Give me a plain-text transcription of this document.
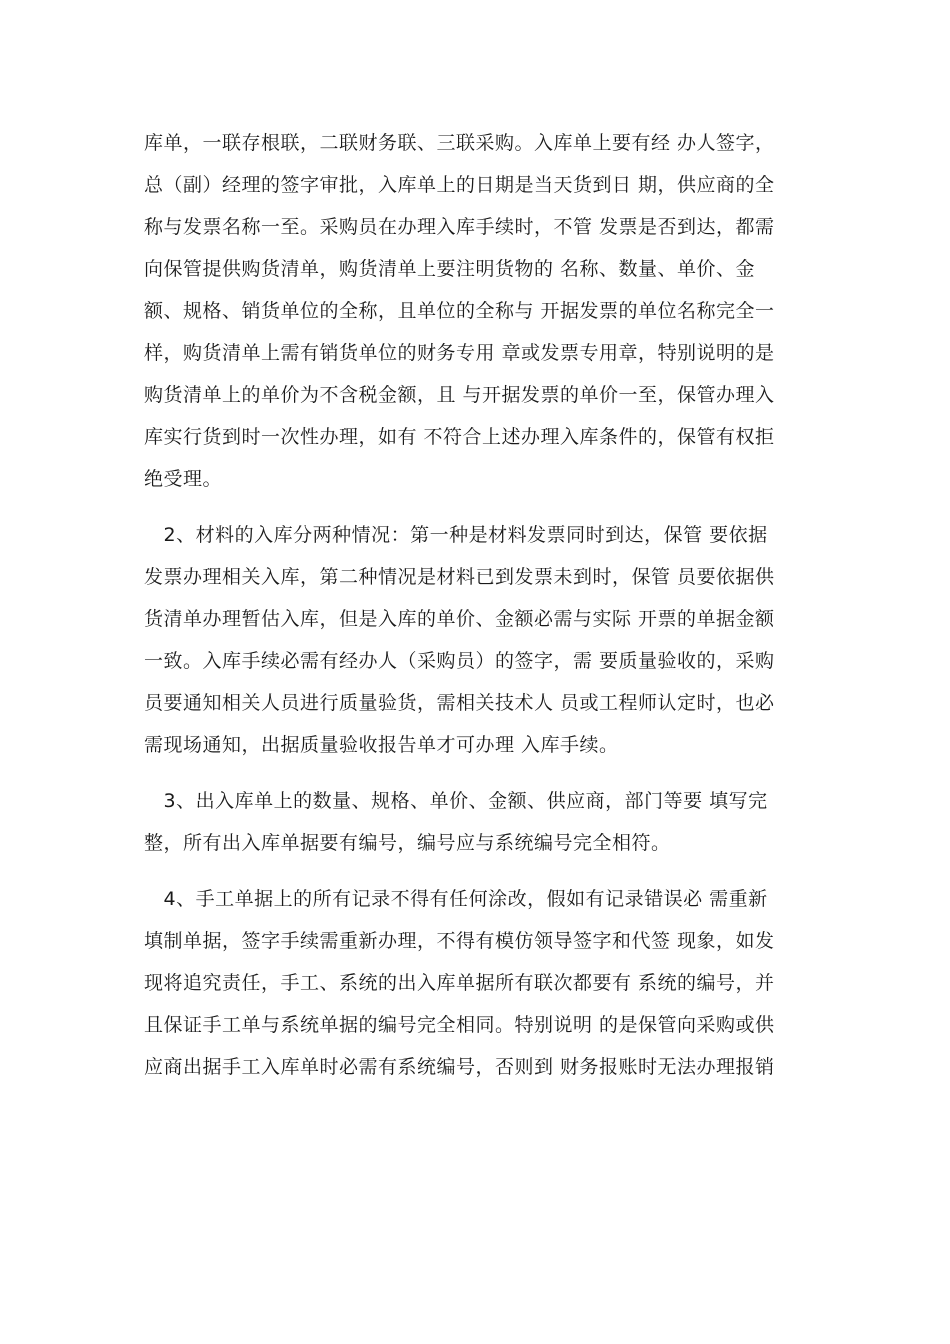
库单，一联存根联，二联财务联、三联采购。入库单上要有经 办人签字，
总（副）经理的签字审批，入库单上的日期是当天货到日 期，供应商的全
称与发票名称一至。采购员在办理入库手续时，不管 发票是否到达，都需
向保管提供购货清单，购货清单上要注明货物的 名称、数量、单价、金
额、规格、销货单位的全称，且单位的全称与 开据发票的单位名称完全一
样，购货清单上需有销货单位的财务专用 章或发票专用章，特别说明的是
购货清单上的单价为不含税金额，且 与开据发票的单价一至，保管办理入
库实行货到时一次性办理，如有 不符合上述办理入库条件的，保管有权拒
绝受理。
　2、材料的入库分两种情况：第一种是材料发票同时到达，保管 要依据
发票办理相关入库，第二种情况是材料已到发票未到时，保管 员要依据供
货清单办理暂估入库，但是入库的单价、金额必需与实际 开票的单据金额
一致。入库手续必需有经办人（采购员）的签字，需 要质量验收的，采购
员要通知相关人员进行质量验货，需相关技术人 员或工程师认定时，也必
需现场通知，出据质量验收报告单才可办理 入库手续。
　3、出入库单上的数量、规格、单价、金额、供应商，部门等要 填写完
整，所有出入库单据要有编号，编号应与系统编号完全相符。
　4、手工单据上的所有记录不得有任何涂改，假如有记录错误必 需重新
填制单据，签字手续需重新办理，不得有模仿领导签字和代签 现象，如发
现将追究责任，手工、系统的出入库单据所有联次都要有 系统的编号，并
且保证手工单与系统单据的编号完全相同。特别说明 的是保管向采购或供
应商出据手工入库单时必需有系统编号，否则到 财务报账时无法办理报销
